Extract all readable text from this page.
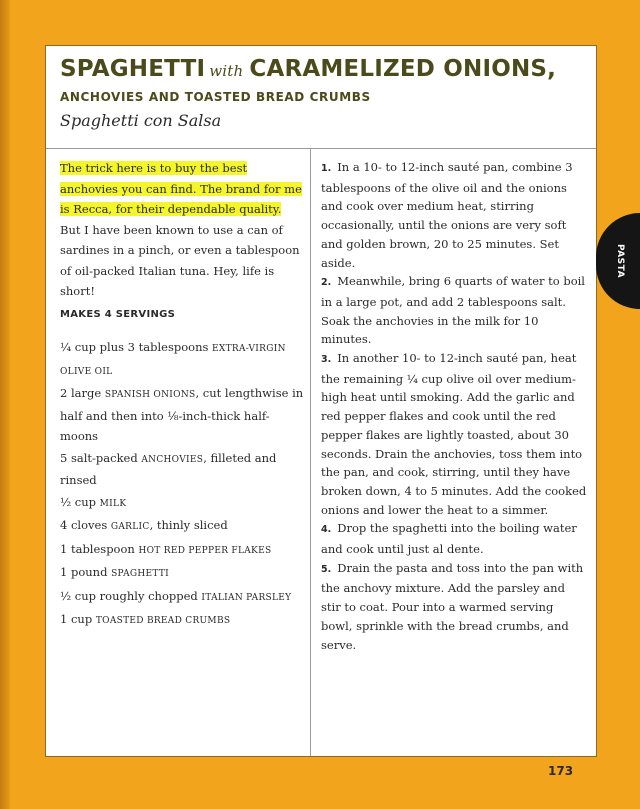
SPAGHETTI with CARAMELIZED ONIONS,
ANCHOVIES AND TOASTED BREAD CRUMBS
Spaghetti con Salsa
The trick here is to buy the best anchovies you can find. The brand for me is Recca, for their dependable quality. But I have been known to use a can of sardines in a pinch, or even a tablespoon of oil-packed Italian tuna. Hey, life is short!
MAKES 4 SERVINGS
¼ cup plus 3 tablespoons EXTRA-VIRGIN OLIVE OIL
2 large SPANISH ONIONS, cut lengthwise in half and then into ⅛-inch-thick half-moons
5 salt-packed ANCHOVIES, filleted and rinsed
½ cup MILK
4 cloves GARLIC, thinly sliced
1 tablespoon HOT RED PEPPER FLAKES
1 pound SPAGHETTI
½ cup roughly chopped ITALIAN PARSLEY
1 cup TOASTED BREAD CRUMBS
1. In a 10- to 12-inch sauté pan, combine 3 tablespoons of the olive oil and the onions and cook over medium heat, stirring occasionally, until the onions are very soft and golden brown, 20 to 25 minutes. Set aside.
2. Meanwhile, bring 6 quarts of water to boil in a large pot, and add 2 tablespoons salt. Soak the anchovies in the milk for 10 minutes.
3. In another 10- to 12-inch sauté pan, heat the remaining ¼ cup olive oil over medium-high heat until smoking. Add the garlic and red pepper flakes and cook until the red pepper flakes are lightly toasted, about 30 seconds. Drain the anchovies, toss them into the pan, and cook, stirring, until they have broken down, 4 to 5 minutes. Add the cooked onions and lower the heat to a simmer.
4. Drop the spaghetti into the boiling water and cook until just al dente.
5. Drain the pasta and toss into the pan with the anchovy mixture. Add the parsley and stir to coat. Pour into a warmed serving bowl, sprinkle with the bread crumbs, and serve.
PASTA
173
